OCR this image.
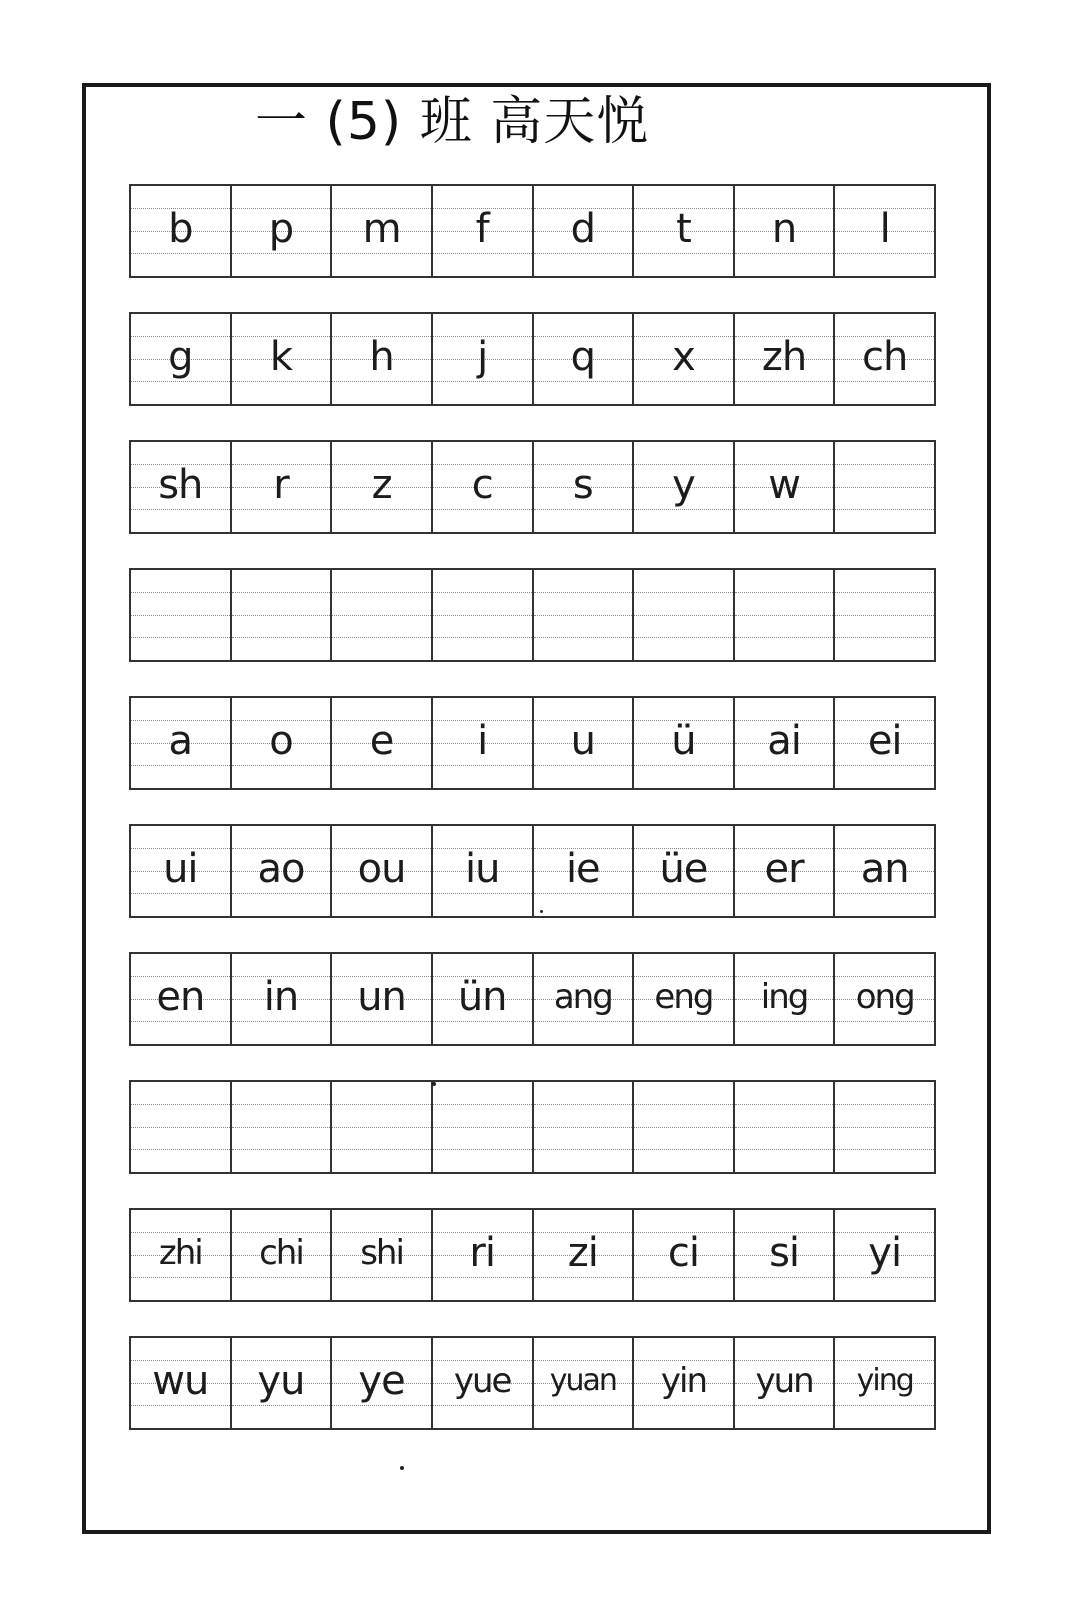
一 (5) 班 高天悦
b	p	m	f	d	t	n	l
g	k	h	j	q	x	zh	ch
sh	r	z	c	s	y	w
a	o	e	i	u	ü	ai	ei
ui	ao	ou	iu	ie	üe	er	an
en	in	un	ün	ang	eng	ing	ong
zhi	chi	shi	ri	zi	ci	si	yi
wu	yu	ye	yue	yuan	yin	yun	ying
